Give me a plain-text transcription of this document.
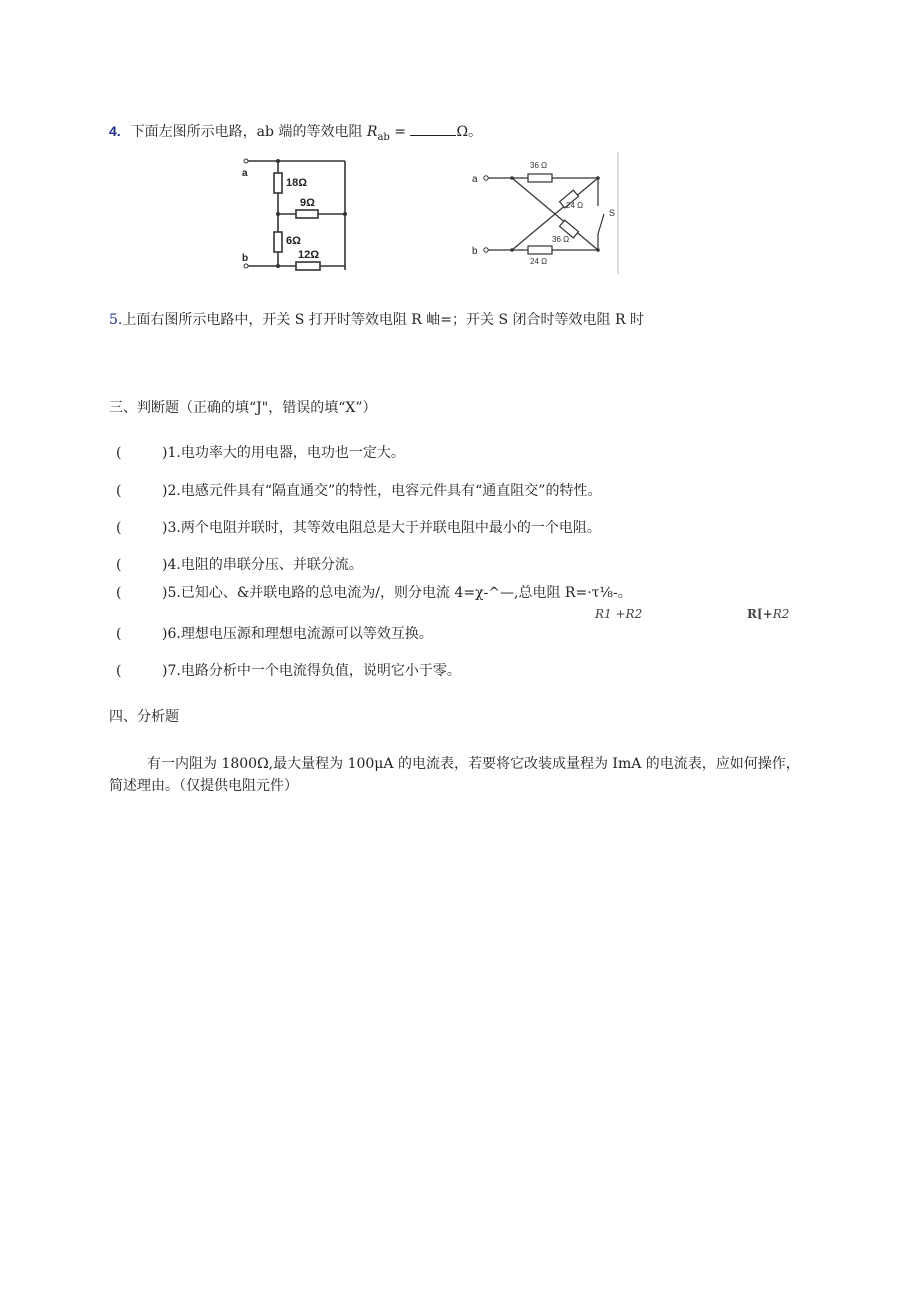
4. 下面左图所示电路，ab 端的等效电阻 $R_{ab}$ =	Ω。
a
b
18Ω
9Ω
6Ω
12Ω
a
b
36 Ω
24 Ω
36 Ω
24 Ω
S
5.上面右图所示电路中，开关 S 打开时等效电阻 R 岫=；开关 S 闭合时等效电阻 R 时
三、判断题（正确的填“J"，错误的填“X”）
(	)1.电功率大的用电器，电功也一定大。
(	)2.电感元件具有“隔直通交”的特性，电容元件具有“通直阻交”的特性。
(	)3.两个电阻并联时，其等效电阻总是大于并联电阻中最小的一个电阻。
(	)4.电阻的串联分压、并联分流。
(	)5.已知心、&并联电路的总电流为/，则分电流 4=χ-^—,总电阻 R=·τ⅛-。
R1 +R2	R[+R2
(	)6.理想电压源和理想电流源可以等效互换。
(	)7.电路分析中一个电流得负值，说明它小于零。
四、分析题
有一内阻为 1800Ω,最大量程为 100μA 的电流表，若要将它改装成量程为 ImA 的电流表，应如何操作，简述理由。（仅提供电阻元件）
